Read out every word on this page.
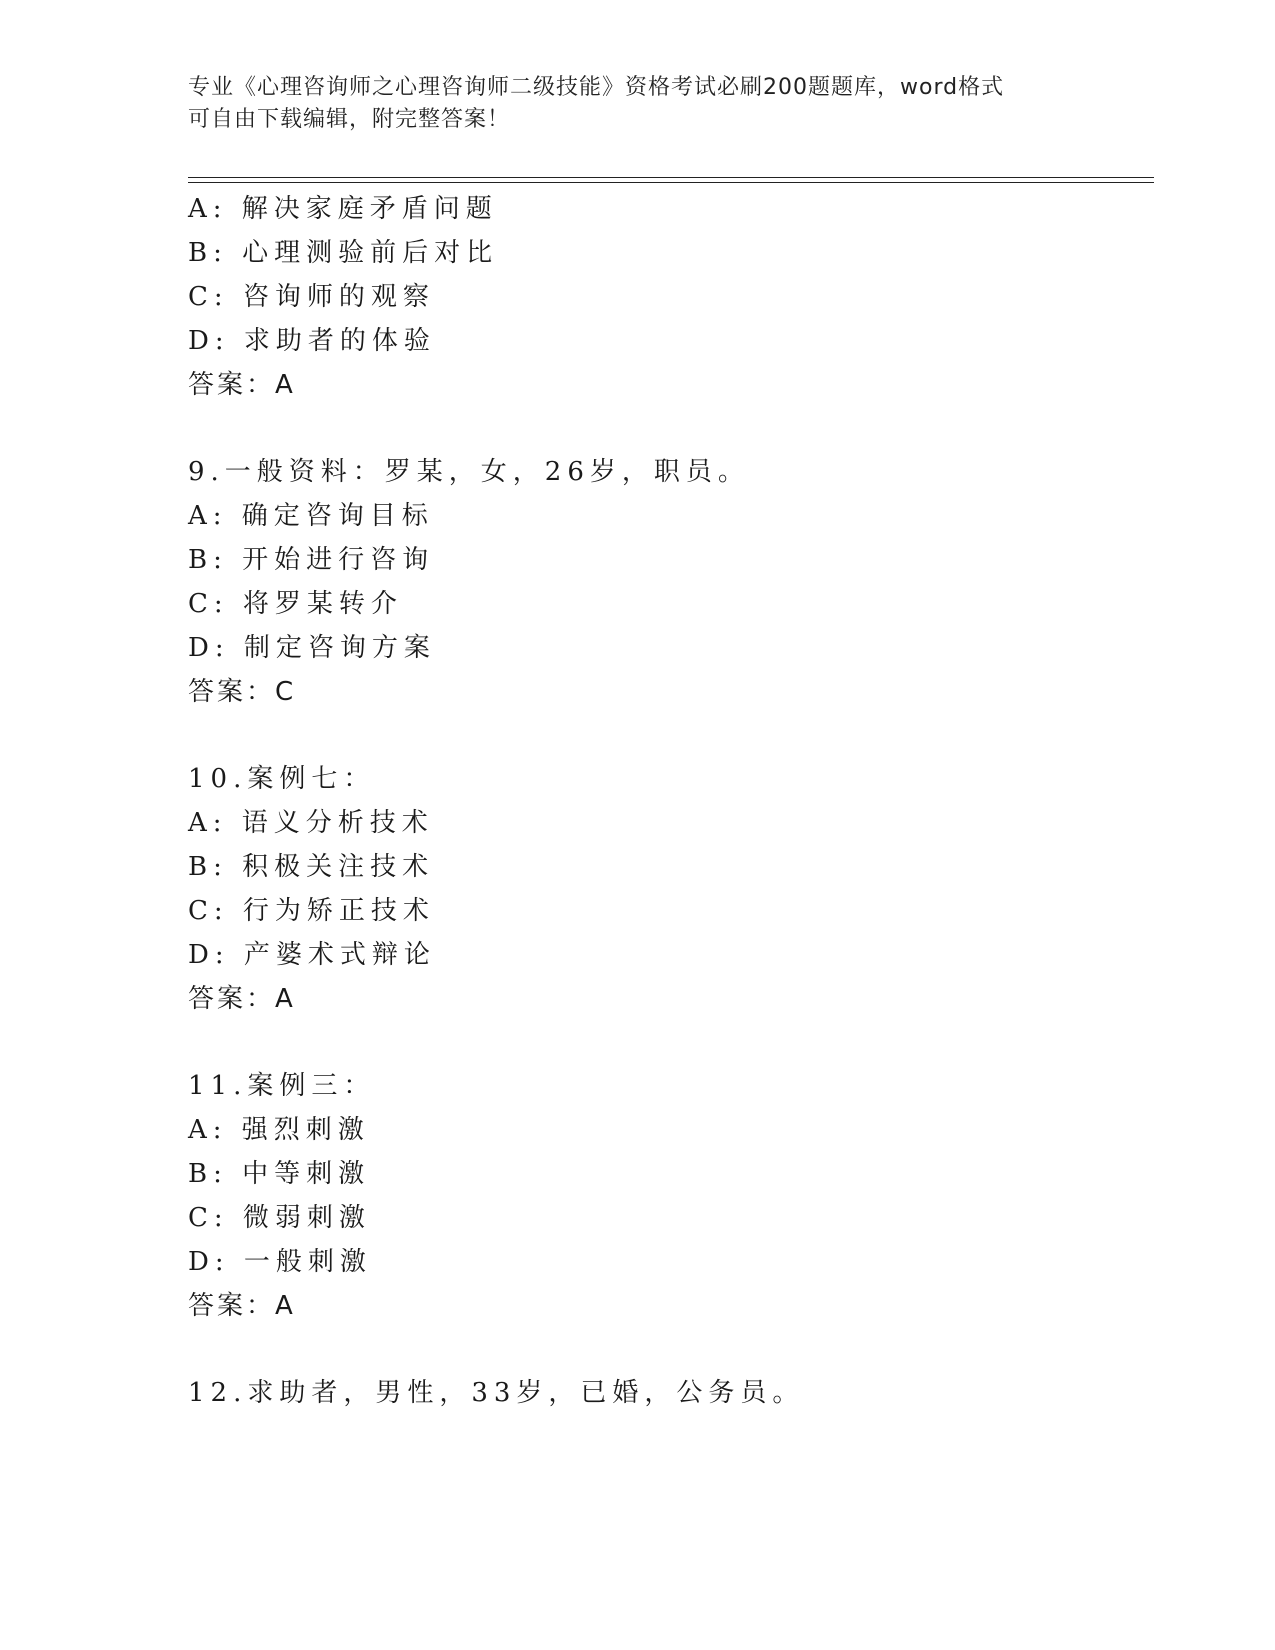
专业《心理咨询师之心理咨询师二级技能》资格考试必刷200题题库，word格式
可自由下载编辑，附完整答案！
A: 解决家庭矛盾问题
B: 心理测验前后对比
C: 咨询师的观察
D: 求助者的体验
答案：A
9.一般资料：罗某，女，26岁，职员。
A: 确定咨询目标
B: 开始进行咨询
C: 将罗某转介
D: 制定咨询方案
答案：C
10.案例七：
A: 语义分析技术
B: 积极关注技术
C: 行为矫正技术
D: 产婆术式辩论
答案：A
11.案例三：
A: 强烈刺激
B: 中等刺激
C: 微弱刺激
D: 一般刺激
答案：A
12.求助者，男性，33岁，已婚，公务员。
